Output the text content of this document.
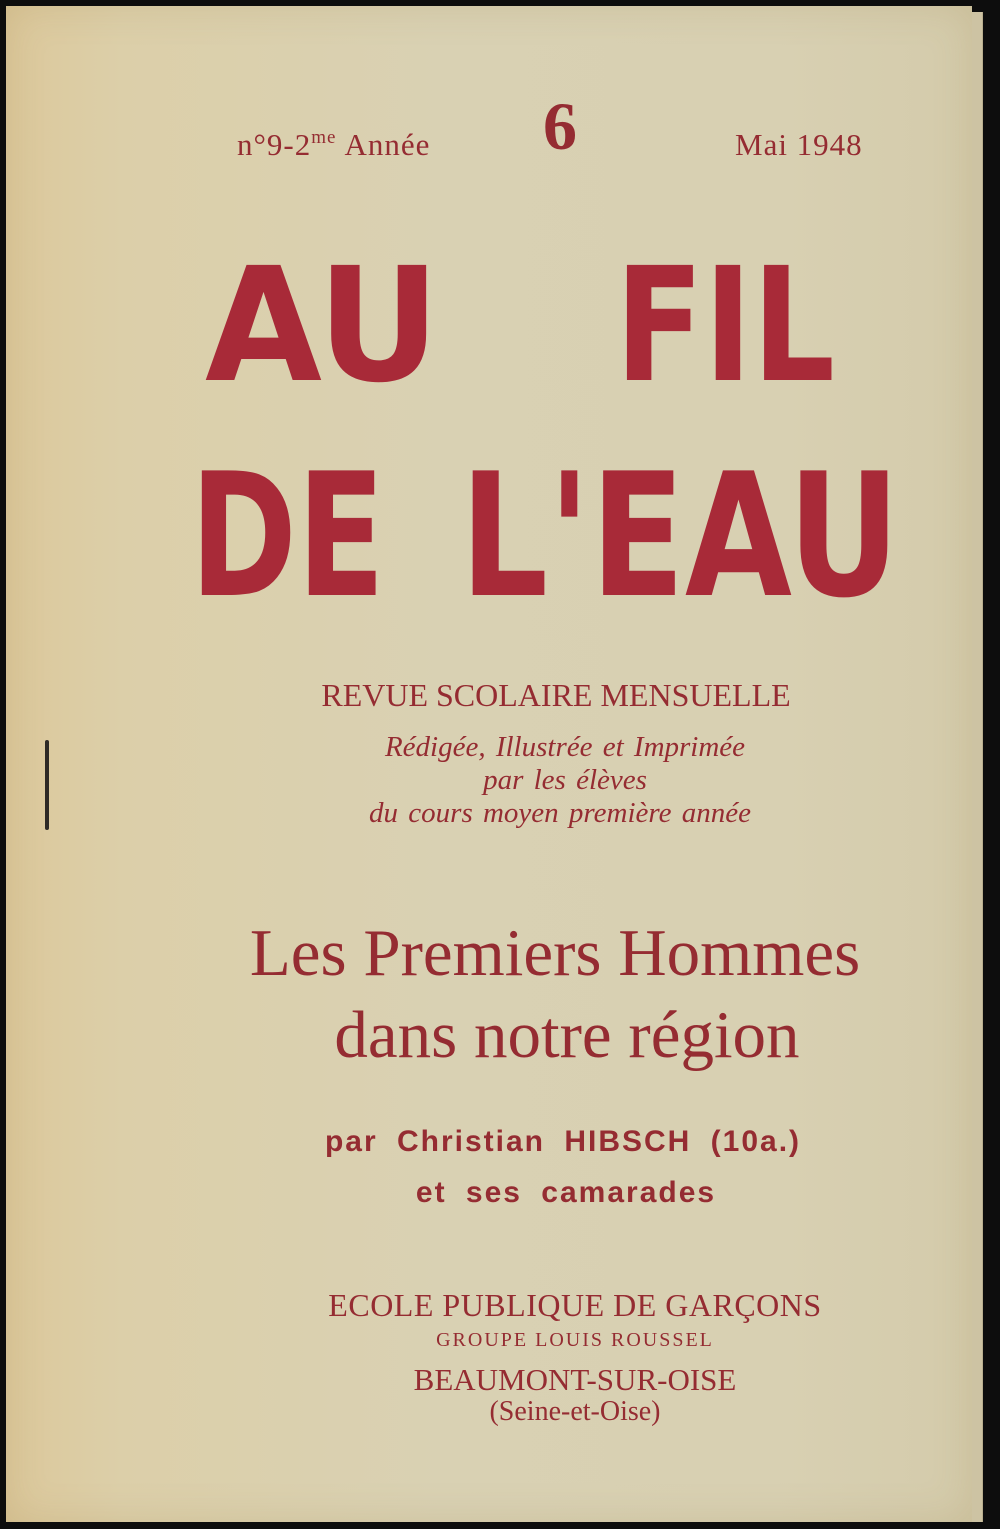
$n^\circ 9-2^{me}$ Année 6	Mai 1948
AU FIL
DE L'EAU
REVUE SCOLAIRE MENSUELLE
Rédigée, Illustrée et Imprimée
par les élèves
du cours moyen première année
Les Premiers Hommes
dans notre région
par Christian HIBSCH (10a.)
et ses camarades
ECOLE PUBLIQUE DE GARÇONS
GROUPE LOUIS ROUSSEL
BEAUMONT-SUR-OISE
(Seine-et-Oise)
